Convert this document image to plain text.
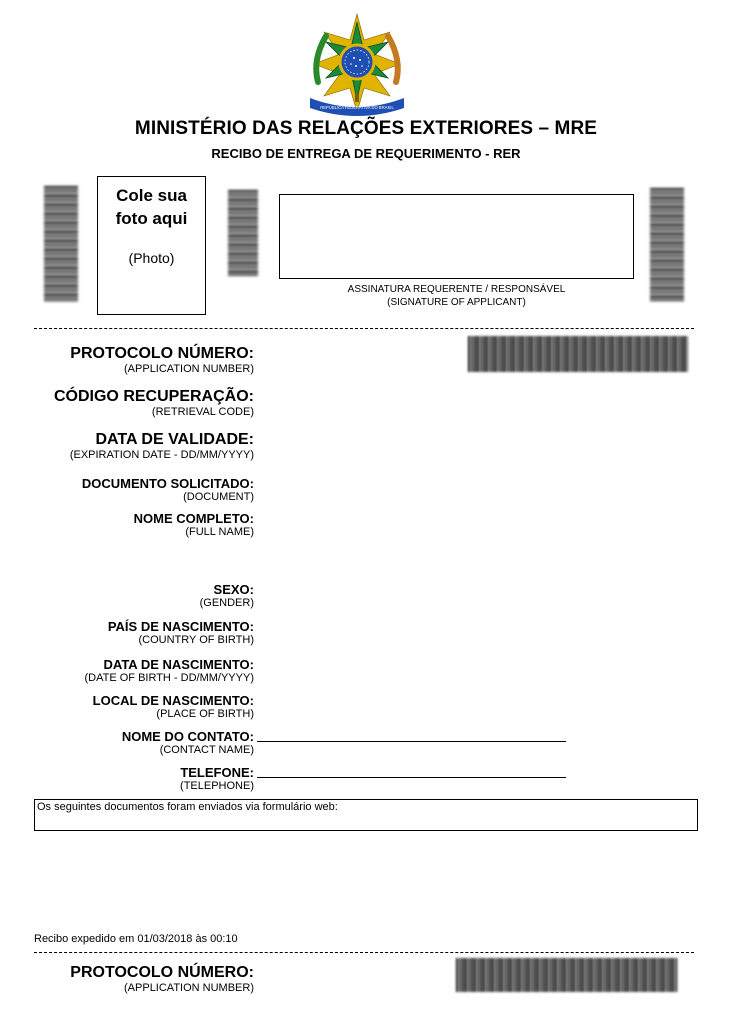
REPÚBLICA FEDERATIVA DO BRASIL
MINISTÉRIO DAS RELAÇÕES EXTERIORES – MRE
RECIBO DE ENTREGA DE REQUERIMENTO - RER
Cole sua
foto aqui
(Photo)
ASSINATURA REQUERENTE / RESPONSÁVEL
(SIGNATURE OF APPLICANT)
PROTOCOLO NÚMERO:
(APPLICATION NUMBER)
CÓDIGO RECUPERAÇÃO:
(RETRIEVAL CODE)
DATA DE VALIDADE:
(EXPIRATION DATE - DD/MM/YYYY)
DOCUMENTO SOLICITADO:
(DOCUMENT)
NOME COMPLETO:
(FULL NAME)
SEXO:
(GENDER)
PAÍS DE NASCIMENTO:
(COUNTRY OF BIRTH)
DATA DE NASCIMENTO:
(DATE OF BIRTH - DD/MM/YYYY)
LOCAL DE NASCIMENTO:
(PLACE OF BIRTH)
NOME DO CONTATO:
(CONTACT NAME)
TELEFONE:
(TELEPHONE)
Os seguintes documentos foram enviados via formulário web:
Recibo expedido em 01/03/2018 às 00:10
PROTOCOLO NÚMERO:
(APPLICATION NUMBER)
